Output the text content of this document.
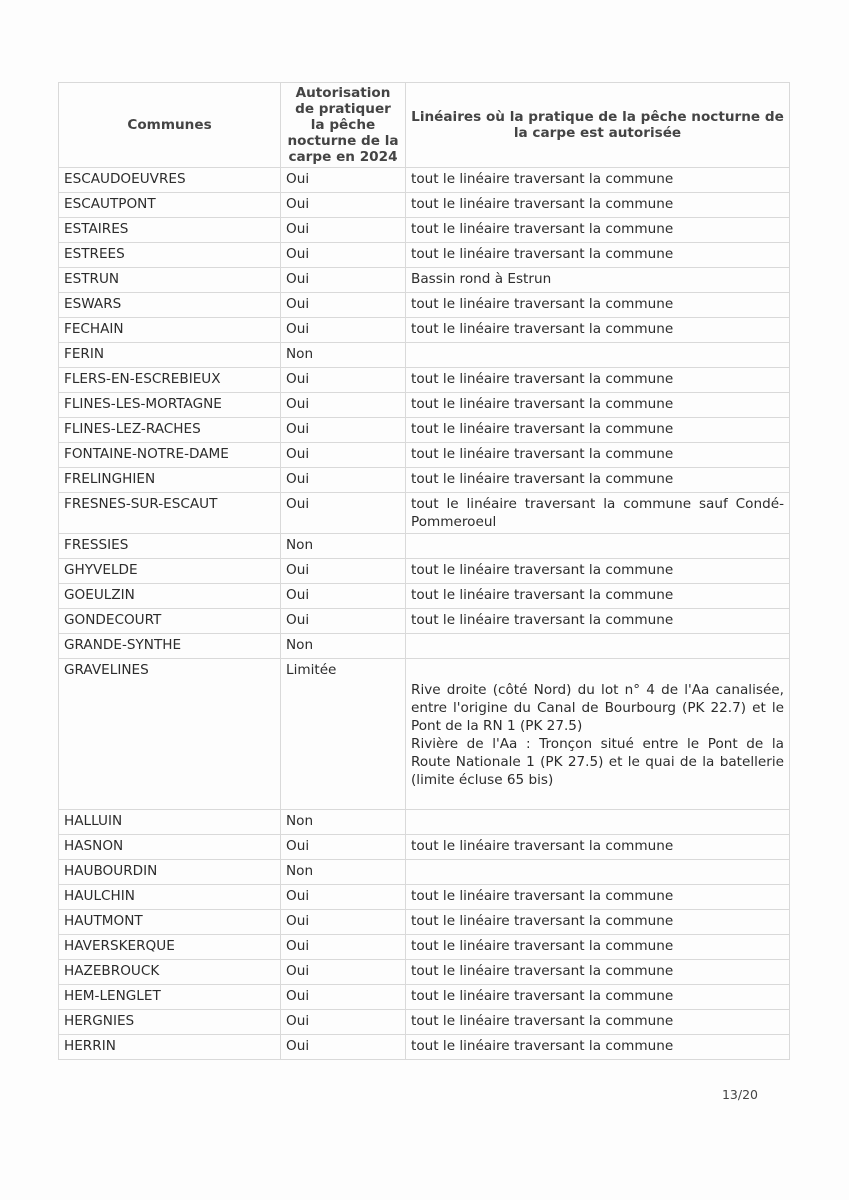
Communes	Autorisation de pratiquer la pêche nocturne de la carpe en 2024	Linéaires où la pratique de la pêche nocturne de la carpe est autorisée
ESCAUDOEUVRES	Oui	tout le linéaire traversant la commune
ESCAUTPONT	Oui	tout le linéaire traversant la commune
ESTAIRES	Oui	tout le linéaire traversant la commune
ESTREES	Oui	tout le linéaire traversant la commune
ESTRUN	Oui	Bassin rond à Estrun
ESWARS	Oui	tout le linéaire traversant la commune
FECHAIN	Oui	tout le linéaire traversant la commune
FERIN	Non	
FLERS-EN-ESCREBIEUX	Oui	tout le linéaire traversant la commune
FLINES-LES-MORTAGNE	Oui	tout le linéaire traversant la commune
FLINES-LEZ-RACHES	Oui	tout le linéaire traversant la commune
FONTAINE-NOTRE-DAME	Oui	tout le linéaire traversant la commune
FRELINGHIEN	Oui	tout le linéaire traversant la commune
FRESNES-SUR-ESCAUT	Oui	tout le linéaire traversant la commune sauf Condé-Pommeroeul
FRESSIES	Non	
GHYVELDE	Oui	tout le linéaire traversant la commune
GOEULZIN	Oui	tout le linéaire traversant la commune
GONDECOURT	Oui	tout le linéaire traversant la commune
GRANDE-SYNTHE	Non	
GRAVELINES	Limitée	Rive droite (côté Nord) du lot n° 4 de l'Aa canalisée, entre l'origine du Canal de Bourbourg (PK 22.7) et le Pont de la RN 1 (PK 27.5)
Rivière de l'Aa : Tronçon situé entre le Pont de la Route Nationale 1 (PK 27.5) et le quai de la batellerie (limite écluse 65 bis)
HALLUIN	Non	
HASNON	Oui	tout le linéaire traversant la commune
HAUBOURDIN	Non	
HAULCHIN	Oui	tout le linéaire traversant la commune
HAUTMONT	Oui	tout le linéaire traversant la commune
HAVERSKERQUE	Oui	tout le linéaire traversant la commune
HAZEBROUCK	Oui	tout le linéaire traversant la commune
HEM-LENGLET	Oui	tout le linéaire traversant la commune
HERGNIES	Oui	tout le linéaire traversant la commune
HERRIN	Oui	tout le linéaire traversant la commune
13/20
